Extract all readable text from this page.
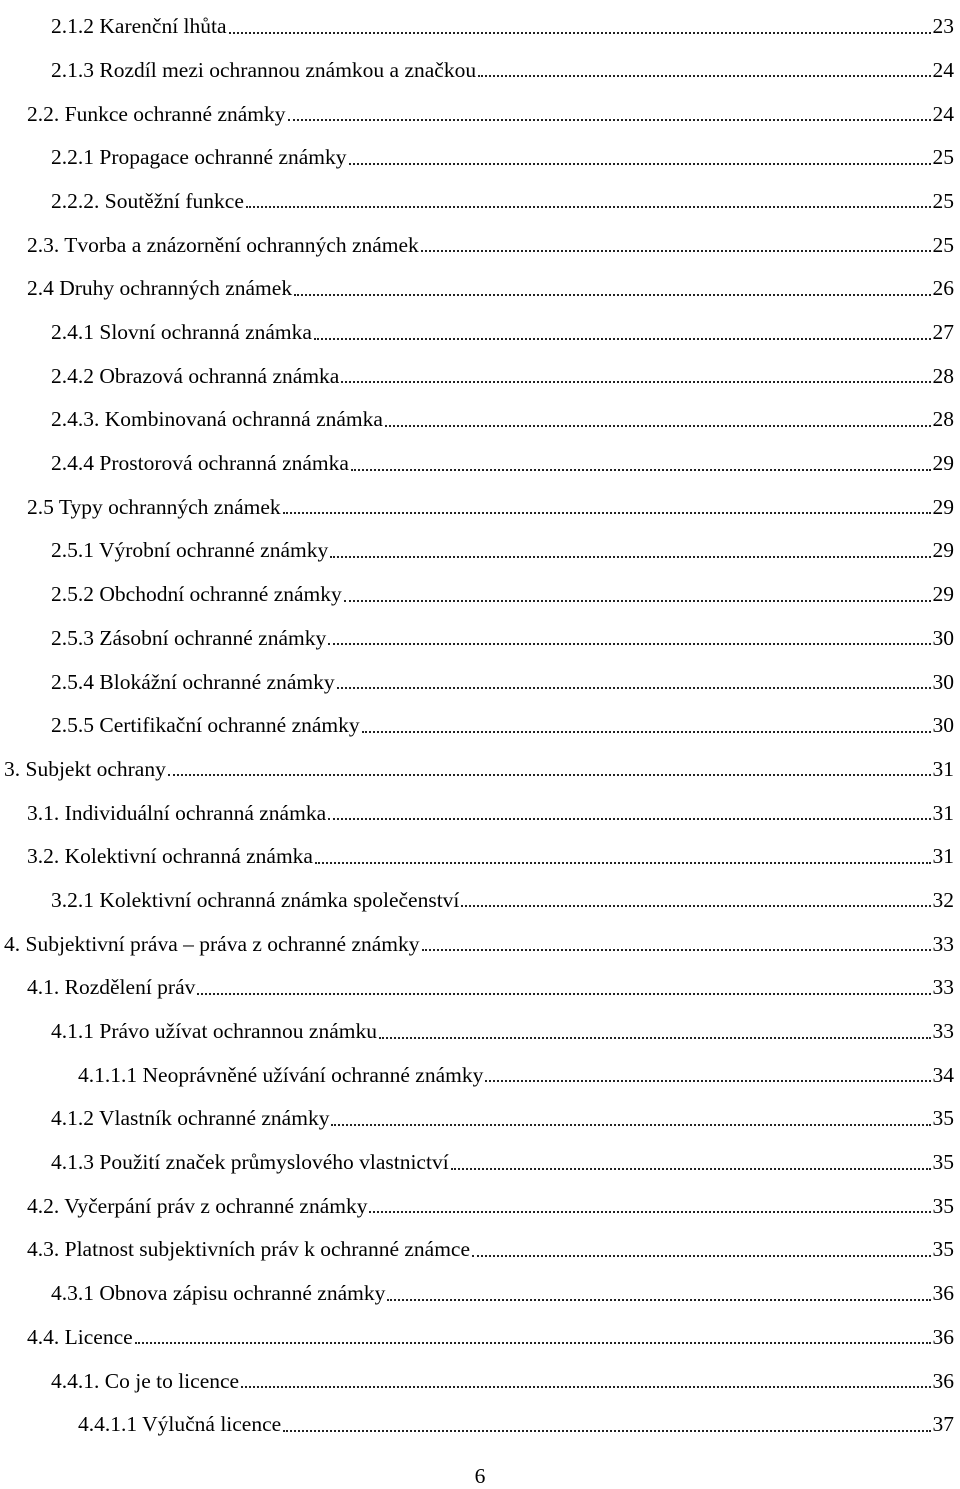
2.1.2 Karenční lhůta	23
2.1.3 Rozdíl mezi ochrannou známkou a značkou	24
2.2. Funkce ochranné známky	24
2.2.1 Propagace ochranné známky	25
2.2.2. Soutěžní funkce	25
2.3. Tvorba a znázornění ochranných známek	25
2.4 Druhy ochranných známek	26
2.4.1 Slovní ochranná známka	27
2.4.2 Obrazová ochranná známka	28
2.4.3. Kombinovaná ochranná známka	28
2.4.4 Prostorová ochranná známka	29
2.5 Typy ochranných známek	29
2.5.1 Výrobní ochranné známky	29
2.5.2 Obchodní ochranné známky	29
2.5.3 Zásobní ochranné známky	30
2.5.4 Blokážní ochranné známky	30
2.5.5 Certifikační ochranné známky	30
3. Subjekt ochrany	31
3.1. Individuální ochranná známka	31
3.2. Kolektivní ochranná známka	31
3.2.1 Kolektivní ochranná známka společenství	32
4. Subjektivní práva – práva z ochranné známky	33
4.1. Rozdělení práv	33
4.1.1 Právo užívat ochrannou známku	33
4.1.1.1 Neoprávněné užívání ochranné známky	34
4.1.2 Vlastník ochranné známky	35
4.1.3 Použití značek průmyslového vlastnictví	35
4.2. Vyčerpání práv z ochranné známky	35
4.3. Platnost subjektivních práv k ochranné známce	35
4.3.1 Obnova zápisu ochranné známky	36
4.4. Licence	36
4.4.1. Co je to licence	36
4.4.1.1 Výlučná licence	37
6
